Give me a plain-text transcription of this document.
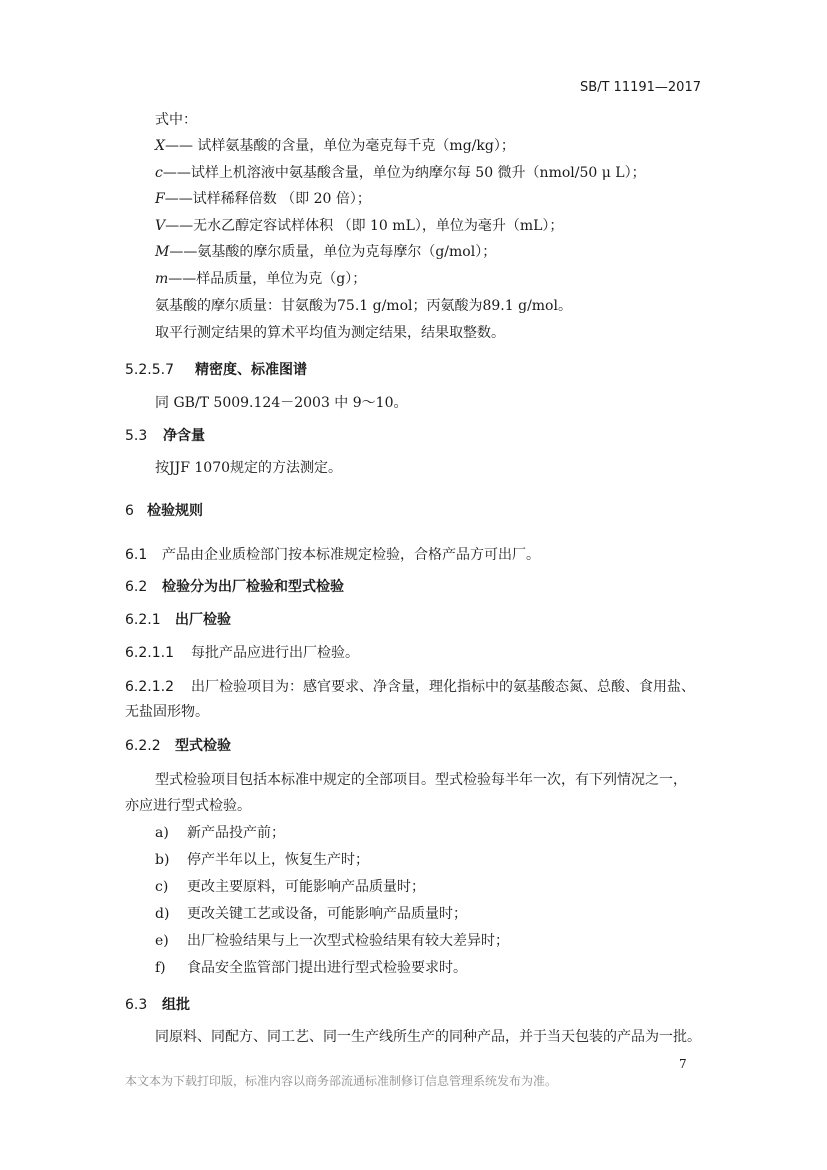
SB/T 11191—2017
式中：
X—— 试样氨基酸的含量，单位为毫克每千克（mg/kg）；
c——试样上机溶液中氨基酸含量，单位为纳摩尔每 50 微升（nmol/50 μ L）；
F——试样稀释倍数 （即 20 倍）；
V——无水乙醇定容试样体积 （即 10 mL），单位为毫升（mL）；
M——氨基酸的摩尔质量，单位为克每摩尔（g/mol）；
m——样品质量，单位为克（g）；
氨基酸的摩尔质量：甘氨酸为75.1 g/mol；丙氨酸为89.1 g/mol。
取平行测定结果的算术平均值为测定结果，结果取整数。
5.2.5.7 精密度、标准图谱
同 GB/T 5009.124－2003 中 9～10。
5.3 净含量
按JJF 1070规定的方法测定。
6 检验规则
6.1 产品由企业质检部门按本标准规定检验，合格产品方可出厂。
6.2 检验分为出厂检验和型式检验
6.2.1 出厂检验
6.2.1.1 每批产品应进行出厂检验。
6.2.1.2 出厂检验项目为：感官要求、净含量，理化指标中的氨基酸态氮、总酸、食用盐、
无盐固形物。
6.2.2 型式检验
型式检验项目包括本标准中规定的全部项目。型式检验每半年一次，有下列情况之一，
亦应进行型式检验。
a) 新产品投产前；
b) 停产半年以上，恢复生产时；
c) 更改主要原料，可能影响产品质量时；
d) 更改关键工艺或设备，可能影响产品质量时；
e) 出厂检验结果与上一次型式检验结果有较大差异时；
f) 食品安全监管部门提出进行型式检验要求时。
6.3 组批
同原料、同配方、同工艺、同一生产线所生产的同种产品，并于当天包装的产品为一批。
7
本文本为下载打印版，标准内容以商务部流通标准制修订信息管理系统发布为准。
